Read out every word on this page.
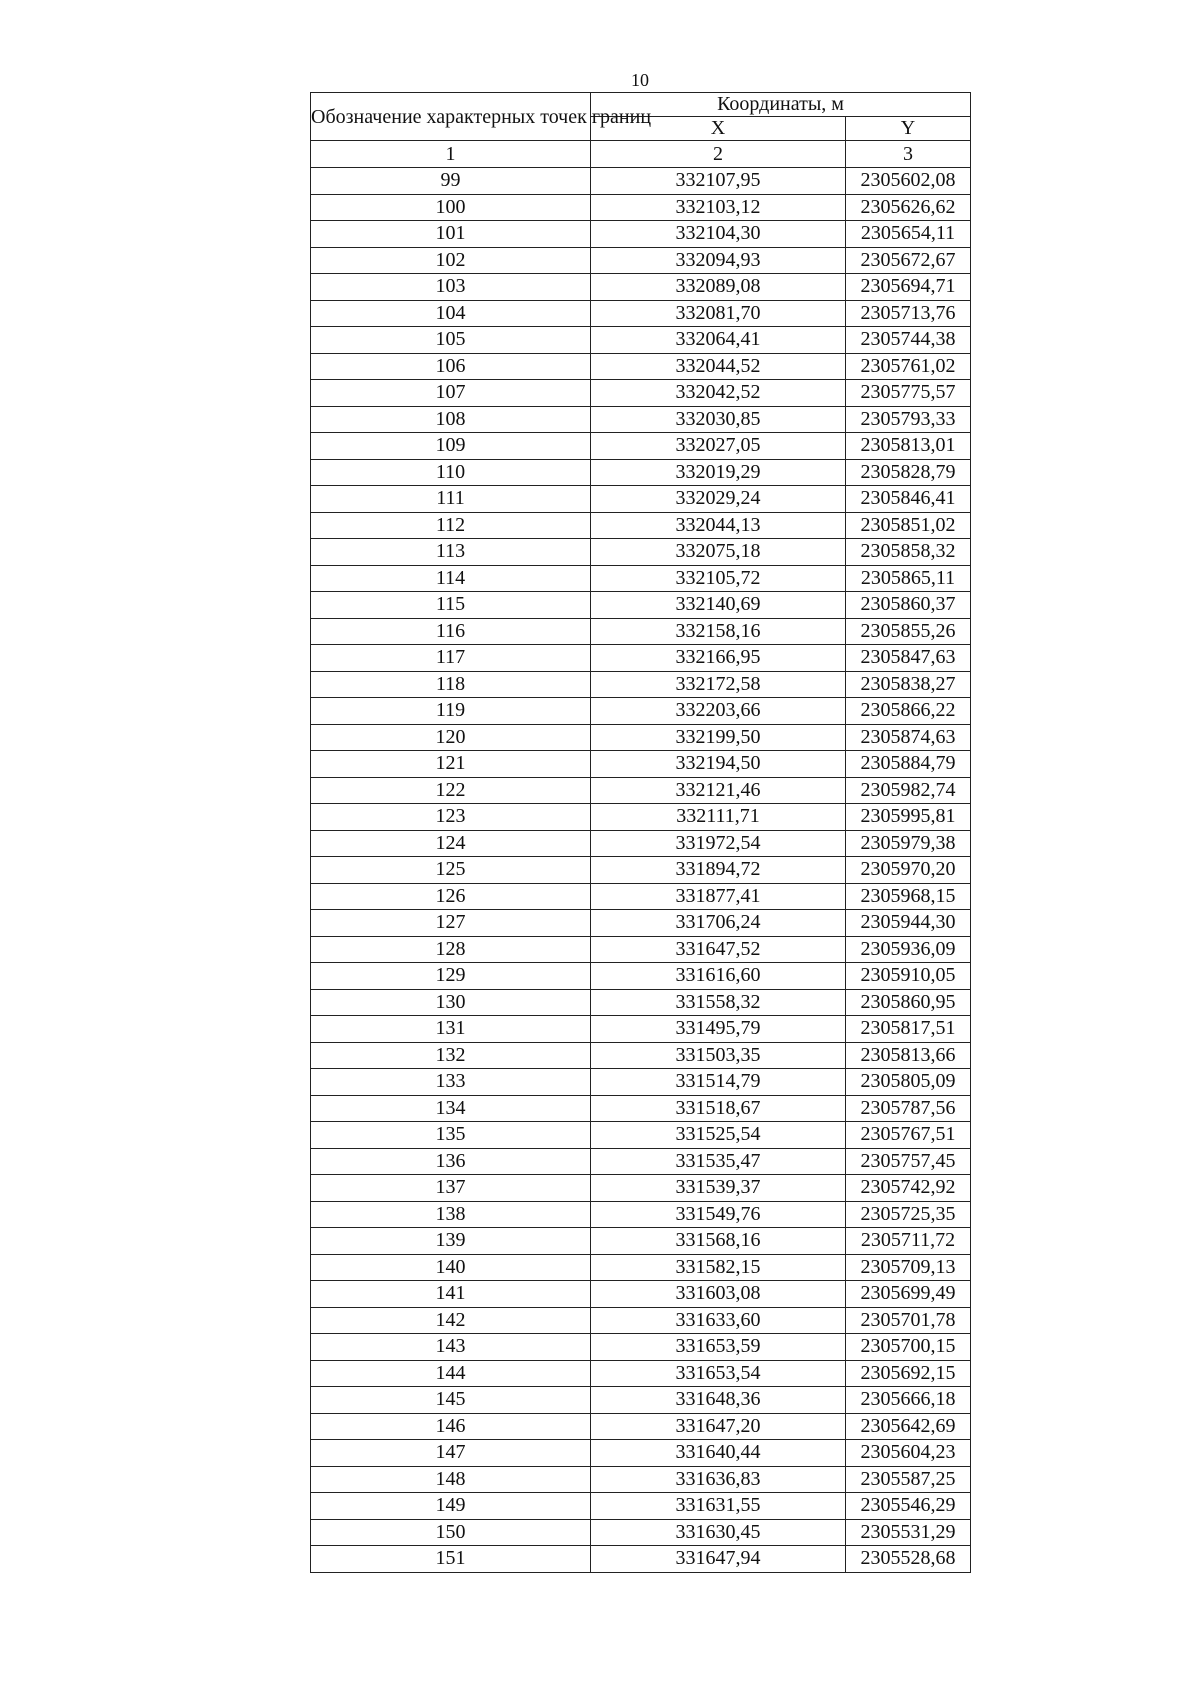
10
Обозначение характерных точек границ	Координаты, м	
	X	Y
1	2	3
99	332107,95	2305602,08
100	332103,12	2305626,62
101	332104,30	2305654,11
102	332094,93	2305672,67
103	332089,08	2305694,71
104	332081,70	2305713,76
105	332064,41	2305744,38
106	332044,52	2305761,02
107	332042,52	2305775,57
108	332030,85	2305793,33
109	332027,05	2305813,01
110	332019,29	2305828,79
111	332029,24	2305846,41
112	332044,13	2305851,02
113	332075,18	2305858,32
114	332105,72	2305865,11
115	332140,69	2305860,37
116	332158,16	2305855,26
117	332166,95	2305847,63
118	332172,58	2305838,27
119	332203,66	2305866,22
120	332199,50	2305874,63
121	332194,50	2305884,79
122	332121,46	2305982,74
123	332111,71	2305995,81
124	331972,54	2305979,38
125	331894,72	2305970,20
126	331877,41	2305968,15
127	331706,24	2305944,30
128	331647,52	2305936,09
129	331616,60	2305910,05
130	331558,32	2305860,95
131	331495,79	2305817,51
132	331503,35	2305813,66
133	331514,79	2305805,09
134	331518,67	2305787,56
135	331525,54	2305767,51
136	331535,47	2305757,45
137	331539,37	2305742,92
138	331549,76	2305725,35
139	331568,16	2305711,72
140	331582,15	2305709,13
141	331603,08	2305699,49
142	331633,60	2305701,78
143	331653,59	2305700,15
144	331653,54	2305692,15
145	331648,36	2305666,18
146	331647,20	2305642,69
147	331640,44	2305604,23
148	331636,83	2305587,25
149	331631,55	2305546,29
150	331630,45	2305531,29
151	331647,94	2305528,68
